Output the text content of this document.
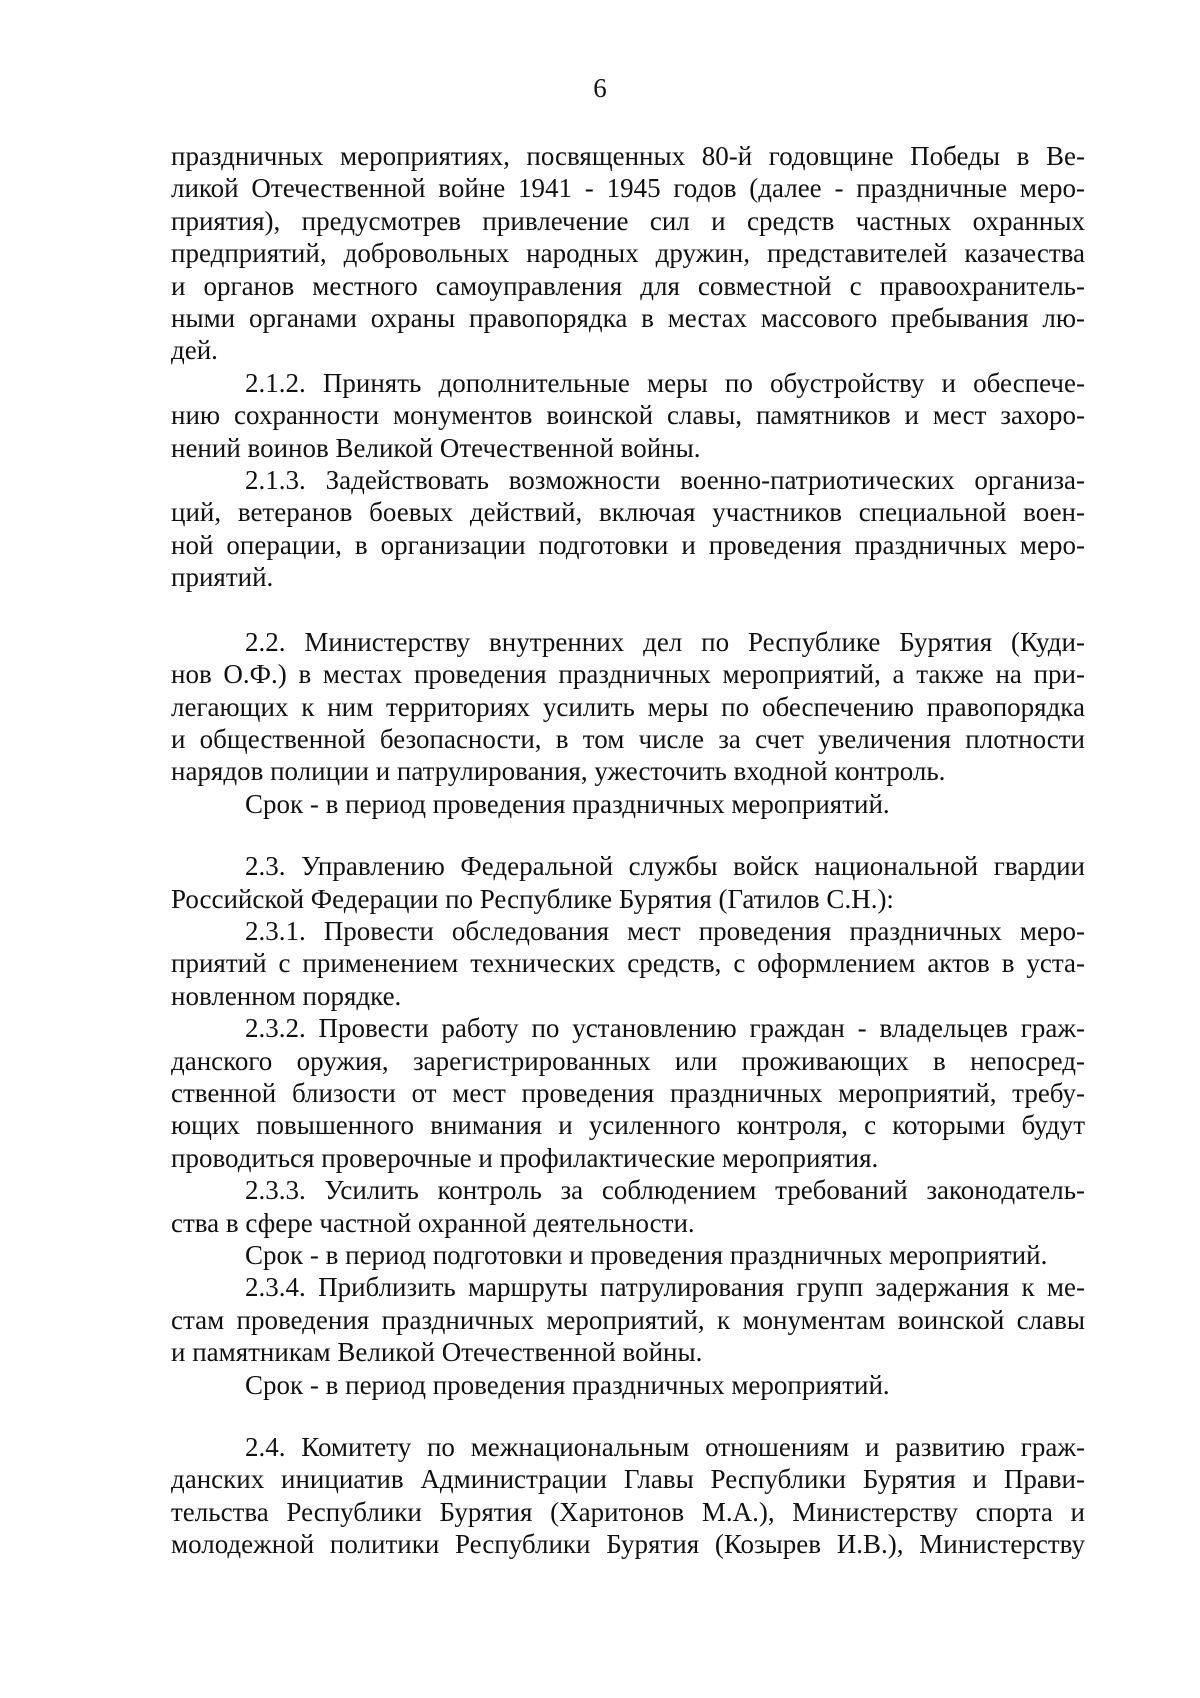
6

праздничных мероприятиях, посвященных 80-й годовщине Победы в Ве-
ликой Отечественной войне 1941 - 1945 годов (далее - праздничные меро-
приятия), предусмотрев привлечение сил и средств частных охранных
предприятий, добровольных народных дружин, представителей казачества
и органов местного самоуправления для совместной с правоохранитель-
ными органами охраны правопорядка в местах массового пребывания лю-
дей.

2.1.2. Принять дополнительные меры по обустройству и обеспече-
нию сохранности монументов воинской славы, памятников и мест захоро-
нений воинов Великой Отечественной войны.

2.1.3. Задействовать возможности военно-патриотических организа-
ций, ветеранов боевых действий, включая участников специальной воен-
ной операции, в организации подготовки и проведения праздничных меро-
приятий.

2.2. Министерству внутренних дел по Республике Бурятия (Куди-
нов О.Ф.) в местах проведения праздничных мероприятий, а также на при-
легающих к ним территориях усилить меры по обеспечению правопорядка
и общественной безопасности, в том числе за счет увеличения плотности
нарядов полиции и патрулирования, ужесточить входной контроль.

Срок - в период проведения праздничных мероприятий.

2.3. Управлению Федеральной службы войск национальной гвардии
Российской Федерации по Республике Бурятия (Гатилов С.Н.):

2.3.1. Провести обследования мест проведения праздничных меро-
приятий с применением технических средств, с оформлением актов в уста-
новленном порядке.

2.3.2. Провести работу по установлению граждан - владельцев граж-
данского оружия, зарегистрированных или проживающих в непосред-
ственной близости от мест проведения праздничных мероприятий, требу-
ющих повышенного внимания и усиленного контроля, с которыми будут
проводиться проверочные и профилактические мероприятия.

2.3.3. Усилить контроль за соблюдением требований законодатель-
ства в сфере частной охранной деятельности.

Срок - в период подготовки и проведения праздничных мероприятий.

2.3.4. Приблизить маршруты патрулирования групп задержания к ме-
стам проведения праздничных мероприятий, к монументам воинской славы
и памятникам Великой Отечественной войны.

Срок - в период проведения праздничных мероприятий.

2.4. Комитету по межнациональным отношениям и развитию граж-
данских инициатив Администрации Главы Республики Бурятия и Прави-
тельства Республики Бурятия (Харитонов М.А.), Министерству спорта и
молодежной политики Республики Бурятия (Козырев И.В.), Министерству
